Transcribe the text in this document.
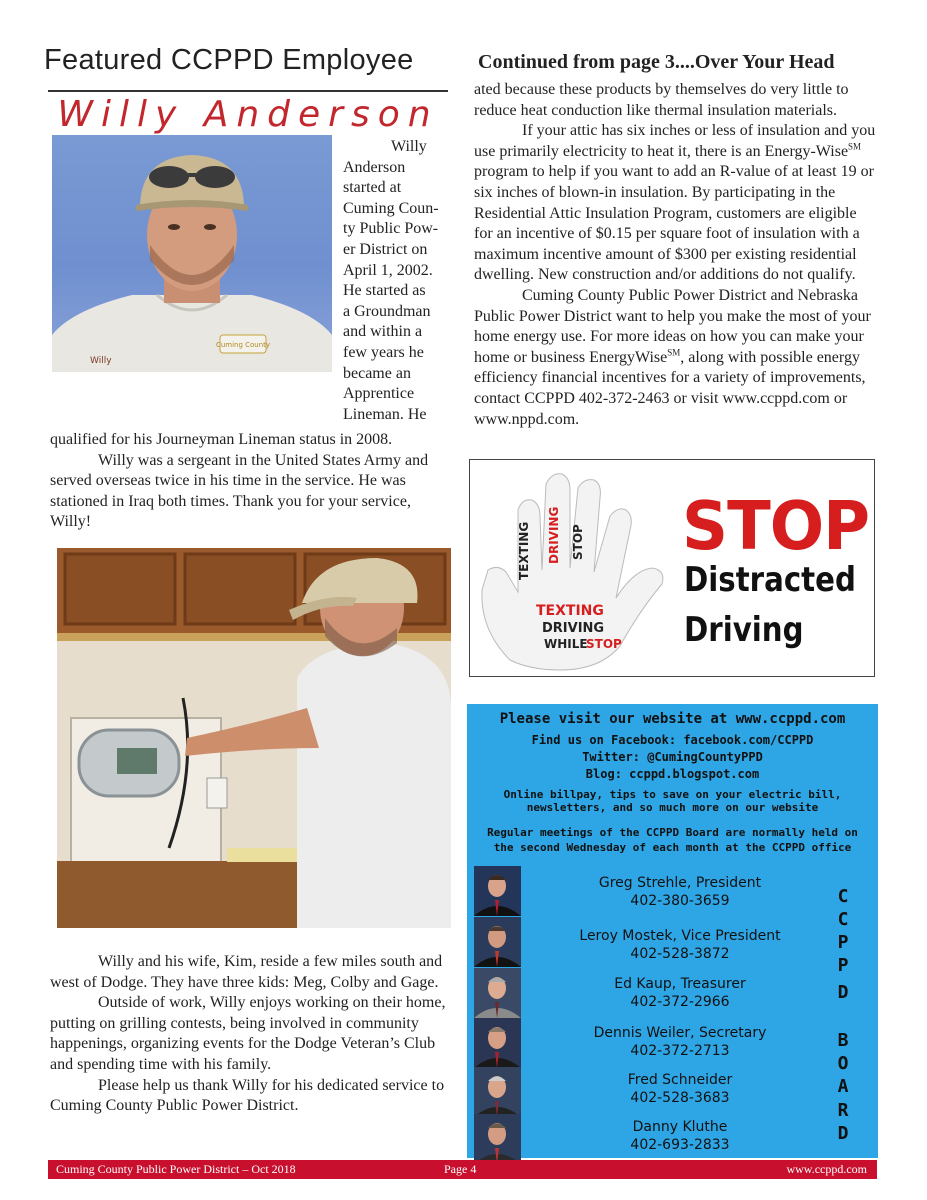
Featured CCPPD Employee
Willy Anderson
Cuming County
Willy
Willy
Anderson
started at
Cuming Coun-
ty Public Pow-
er District on
April 1, 2002.
He started as
a Groundman
and within a
few years he
became an
Apprentice
Lineman. He
qualified for his Journeyman Lineman status in 2008.

Willy was a sergeant in the United States Army and served overseas twice in his time in the service. He was stationed in Iraq both times. Thank you for your service, Willy!

Willy and his wife, Kim, reside a few miles south and west of Dodge. They have three kids: Meg, Colby and Gage.

Outside of work, Willy enjoys working on their home, putting on grilling contests, being involved in community happenings, organizing events for the Dodge Veteran’s Club and spending time with his family.

Please help us thank Willy for his dedicated service to Cuming County Public Power District.

Continued from page 3....Over Your Head
ated because these products by themselves do very little to reduce heat conduction like thermal insulation materials.

If your attic has six inches or less of insulation and you use primarily electricity to heat it, there is an Energy-Wise℠ program to help if you want to add an R-value of at least 19 or six inches of blown-in insulation. By participating in the Residential Attic Insulation Program, customers are eligible for an incentive of $0.15 per square foot of insulation with a maximum incentive amount of $300 per existing residential dwelling. New construction and/or additions do not qualify.

Cuming County Public Power District and Nebraska Public Power District want to help you make the most of your home energy use. For more ideas on how you can make your home or business EnergyWise℠, along with possible energy efficiency financial incentives for a variety of improvements, contact CCPPD 402-372-2463 or visit www.ccppd.com or www.nppd.com.

TEXTING DRIVING STOP
TEXTING
DRIVING
WHILE
STOP
STOP
Distracted
Driving
Please visit our website at www.ccppd.com
Find us on Facebook: facebook.com/CCPPD
Twitter: @CumingCountyPPD
Blog: ccppd.blogspot.com
Online billpay, tips to save on your electric bill,
newsletters, and so much more on our website
Regular meetings of the CCPPD Board are normally held on
the second Wednesday of each month at the CCPPD office
Greg Strehle, President
402-380-3659
Leroy Mostek, Vice President
402-528-3872
Ed Kaup, Treasurer
402-372-2966
Dennis Weiler, Secretary
402-372-2713
Fred Schneider
402-528-3683
Danny Kluthe
402-693-2833
C
C
P
P
D
B
O
A
R
D
Cuming County Public Power District – Oct 2018	Page 4	www.ccppd.com
